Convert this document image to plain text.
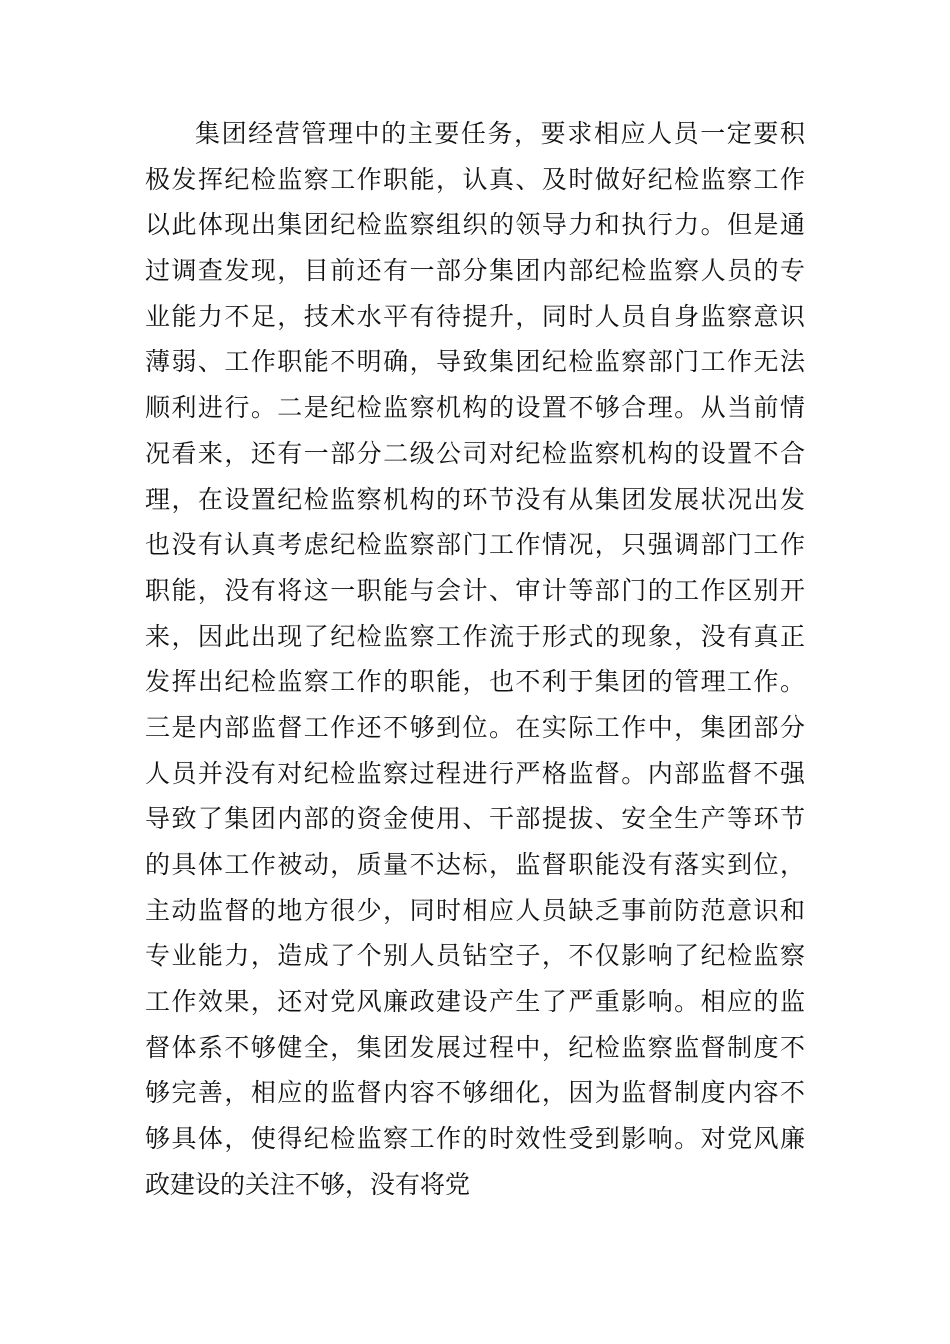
集团经营管理中的主要任务，要求相应人员一定要积
极发挥纪检监察工作职能，认真、及时做好纪检监察工作
以此体现出集团纪检监察组织的领导力和执行力。但是通
过调查发现，目前还有一部分集团内部纪检监察人员的专
业能力不足，技术水平有待提升，同时人员自身监察意识
薄弱、工作职能不明确，导致集团纪检监察部门工作无法
顺利进行。二是纪检监察机构的设置不够合理。从当前情
况看来，还有一部分二级公司对纪检监察机构的设置不合
理，在设置纪检监察机构的环节没有从集团发展状况出发
也没有认真考虑纪检监察部门工作情况，只强调部门工作
职能，没有将这一职能与会计、审计等部门的工作区别开
来，因此出现了纪检监察工作流于形式的现象，没有真正
发挥出纪检监察工作的职能，也不利于集团的管理工作。
三是内部监督工作还不够到位。在实际工作中，集团部分
人员并没有对纪检监察过程进行严格监督。内部监督不强
导致了集团内部的资金使用、干部提拔、安全生产等环节
的具体工作被动，质量不达标，监督职能没有落实到位，
主动监督的地方很少，同时相应人员缺乏事前防范意识和
专业能力，造成了个别人员钻空子，不仅影响了纪检监察
工作效果，还对党风廉政建设产生了严重影响。相应的监
督体系不够健全，集团发展过程中，纪检监察监督制度不
够完善，相应的监督内容不够细化，因为监督制度内容不
够具体，使得纪检监察工作的时效性受到影响。对党风廉
政建设的关注不够，没有将党
